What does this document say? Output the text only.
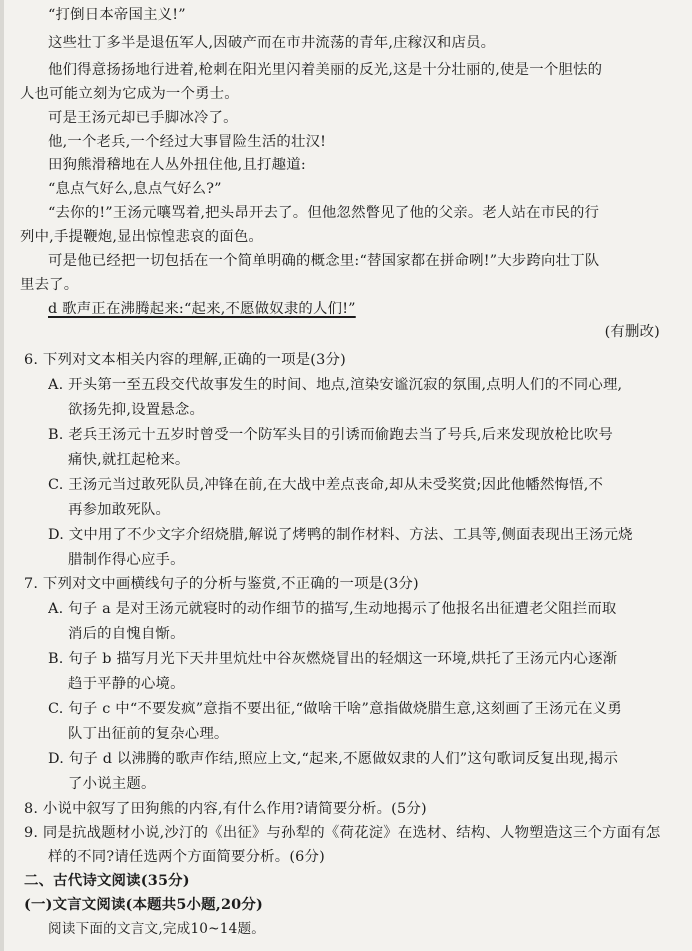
“打倒日本帝国主义!”
这些壮丁多半是退伍军人,因破产而在市井流荡的青年,庄稼汉和店员。
他们得意扬扬地行进着,枪刺在阳光里闪着美丽的反光,这是十分壮丽的,使是一个胆怯的
人也可能立刻为它成为一个勇士。
可是王汤元却已手脚冰冷了。
他,一个老兵,一个经过大事冒险生活的壮汉!
田狗熊滑稽地在人丛外扭住他,且打趣道:
“息点气好么,息点气好么?”
“去你的!”王汤元嚷骂着,把头昂开去了。但他忽然瞥见了他的父亲。老人站在市民的行
列中,手提鞭炮,显出惊惶悲哀的面色。
可是他已经把一切包括在一个简单明确的概念里:“替国家都在拼命咧!”大步跨向壮丁队
里去了。
d 歌声正在沸腾起来:“起来,不愿做奴隶的人们!”
(有删改)
6. 下列对文本相关内容的理解,正确的一项是(3分)
A. 开头第一至五段交代故事发生的时间、地点,渲染安谧沉寂的氛围,点明人们的不同心理,
欲扬先抑,设置悬念。
B. 老兵王汤元十五岁时曾受一个防军头目的引诱而偷跑去当了号兵,后来发现放枪比吹号
痛快,就扛起枪来。
C. 王汤元当过敢死队员,冲锋在前,在大战中差点丧命,却从未受奖赏;因此他幡然悔悟,不
再参加敢死队。
D. 文中用了不少文字介绍烧腊,解说了烤鸭的制作材料、方法、工具等,侧面表现出王汤元烧
腊制作得心应手。
7. 下列对文中画横线句子的分析与鉴赏,不正确的一项是(3分)
A. 句子 a 是对王汤元就寝时的动作细节的描写,生动地揭示了他报名出征遭老父阻拦而取
消后的自愧自惭。
B. 句子 b 描写月光下天井里炕灶中谷灰燃烧冒出的轻烟这一环境,烘托了王汤元内心逐渐
趋于平静的心境。
C. 句子 c 中“不要发疯”意指不要出征,“做啥干啥”意指做烧腊生意,这刻画了王汤元在义勇
队丁出征前的复杂心理。
D. 句子 d 以沸腾的歌声作结,照应上文,“起来,不愿做奴隶的人们”这句歌词反复出现,揭示
了小说主题。
8. 小说中叙写了田狗熊的内容,有什么作用?请简要分析。(5分)
9. 同是抗战题材小说,沙汀的《出征》与孙犁的《荷花淀》在选材、结构、人物塑造这三个方面有怎
样的不同?请任选两个方面简要分析。(6分)
二、古代诗文阅读(35分)
(一)文言文阅读(本题共5小题,20分)
阅读下面的文言文,完成10~14题。
